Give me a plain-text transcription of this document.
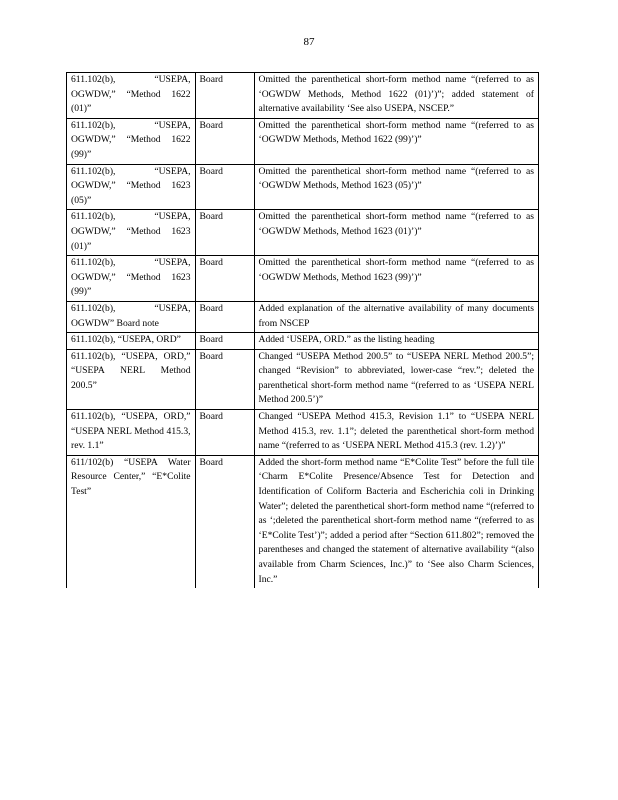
87
611.102(b), “USEPA, OGWDW,” “Method 1622 (01)”	Board	Omitted the parenthetical short-form method name “(referred to as ‘OGWDW Methods, Method 1622 (01)’)”; added statement of alternative availability ‘See also USEPA, NSCEP.”
611.102(b), “USEPA, OGWDW,” “Method 1622 (99)”	Board	Omitted the parenthetical short-form method name “(referred to as ‘OGWDW Methods, Method 1622 (99)’)”
611.102(b), “USEPA, OGWDW,” “Method 1623 (05)”	Board	Omitted the parenthetical short-form method name “(referred to as ‘OGWDW Methods, Method 1623 (05)’)”
611.102(b), “USEPA, OGWDW,” “Method 1623 (01)”	Board	Omitted the parenthetical short-form method name “(referred to as ‘OGWDW Methods, Method 1623 (01)’)”
611.102(b), “USEPA, OGWDW,” “Method 1623 (99)”	Board	Omitted the parenthetical short-form method name “(referred to as ‘OGWDW Methods, Method 1623 (99)’)”
611.102(b), “USEPA, OGWDW” Board note	Board	Added explanation of the alternative availability of many documents from NSCEP
611.102(b), “USEPA, ORD”	Board	Added ‘USEPA, ORD.” as the listing heading
611.102(b), “USEPA, ORD,” “USEPA NERL Method 200.5”	Board	Changed “USEPA Method 200.5” to “USEPA NERL Method 200.5”; changed “Revision” to abbreviated, lower-case “rev.”; deleted the parenthetical short-form method name “(referred to as ‘USEPA NERL Method 200.5’)”
611.102(b), “USEPA, ORD,” “USEPA NERL Method 415.3, rev. 1.1”	Board	Changed “USEPA Method 415.3, Revision 1.1” to “USEPA NERL Method 415.3, rev. 1.1”; deleted the parenthetical short-form method name “(referred to as ‘USEPA NERL Method 415.3 (rev. 1.2)’)”
611/102(b) “USEPA Water Resource Center,” “E*Colite Test”	Board	Added the short-form method name “E*Colite Test” before the full tile ‘Charm E*Colite Presence/Absence Test for Detection and Identification of Coliform Bacteria and Escherichia coli in Drinking Water”; deleted the parenthetical short-form method name “(referred to as ‘;deleted the parenthetical short-form method name “(referred to as ‘E*Colite Test’)”; added a period after “Section 611.802”; removed the parentheses and changed the statement of alternative availability “(also available from Charm Sciences, Inc.)” to ‘See also Charm Sciences, Inc.”
